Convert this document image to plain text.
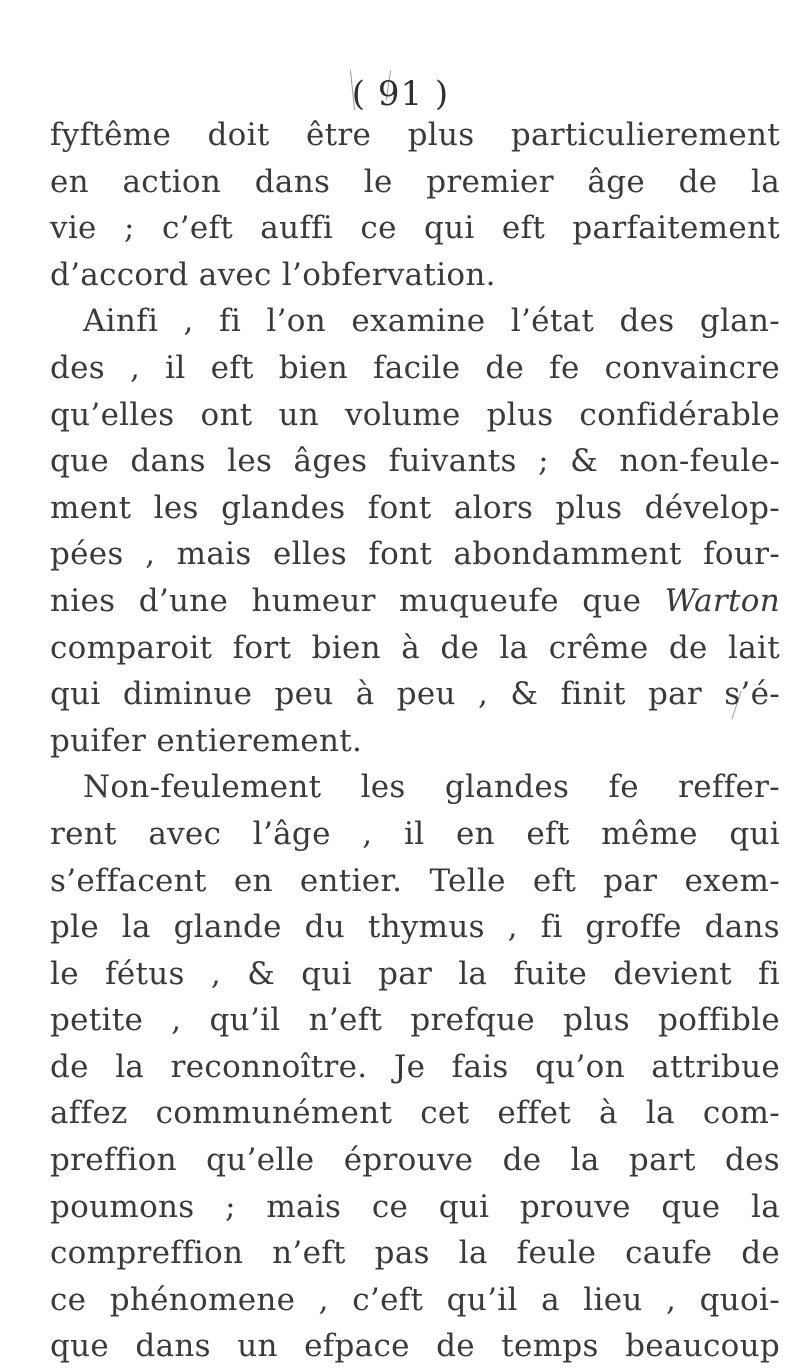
( 91 )
fyftême doit être plus particulierement
en action dans le premier âge de la
vie ; c’eft auffi ce qui eft parfaitement
d’accord avec l’obfervation.
Ainfi , fi l’on examine l’état des glan-
des , il eft bien facile de fe convaincre
qu’elles ont un volume plus confidérable
que dans les âges fuivants ; & non-feule-
ment les glandes font alors plus dévelop-
pées , mais elles font abondamment four-
nies d’une humeur muqueufe que Warton
comparoit fort bien à de la crême de lait
qui diminue peu à peu , & finit par s’é-
puifer entierement.
Non-feulement les glandes fe reffer-
rent avec l’âge , il en eft même qui
s’effacent en entier. Telle eft par exem-
ple la glande du thymus , fi groffe dans
le fétus , & qui par la fuite devient fi
petite , qu’il n’eft prefque plus poffible
de la reconnoître. Je fais qu’on attribue
affez communément cet effet à la com-
preffion qu’elle éprouve de la part des
poumons ; mais ce qui prouve que la
compreffion n’eft pas la feule caufe de
ce phénomene , c’eft qu’il a lieu , quoi-
que dans un efpace de temps beaucoup
